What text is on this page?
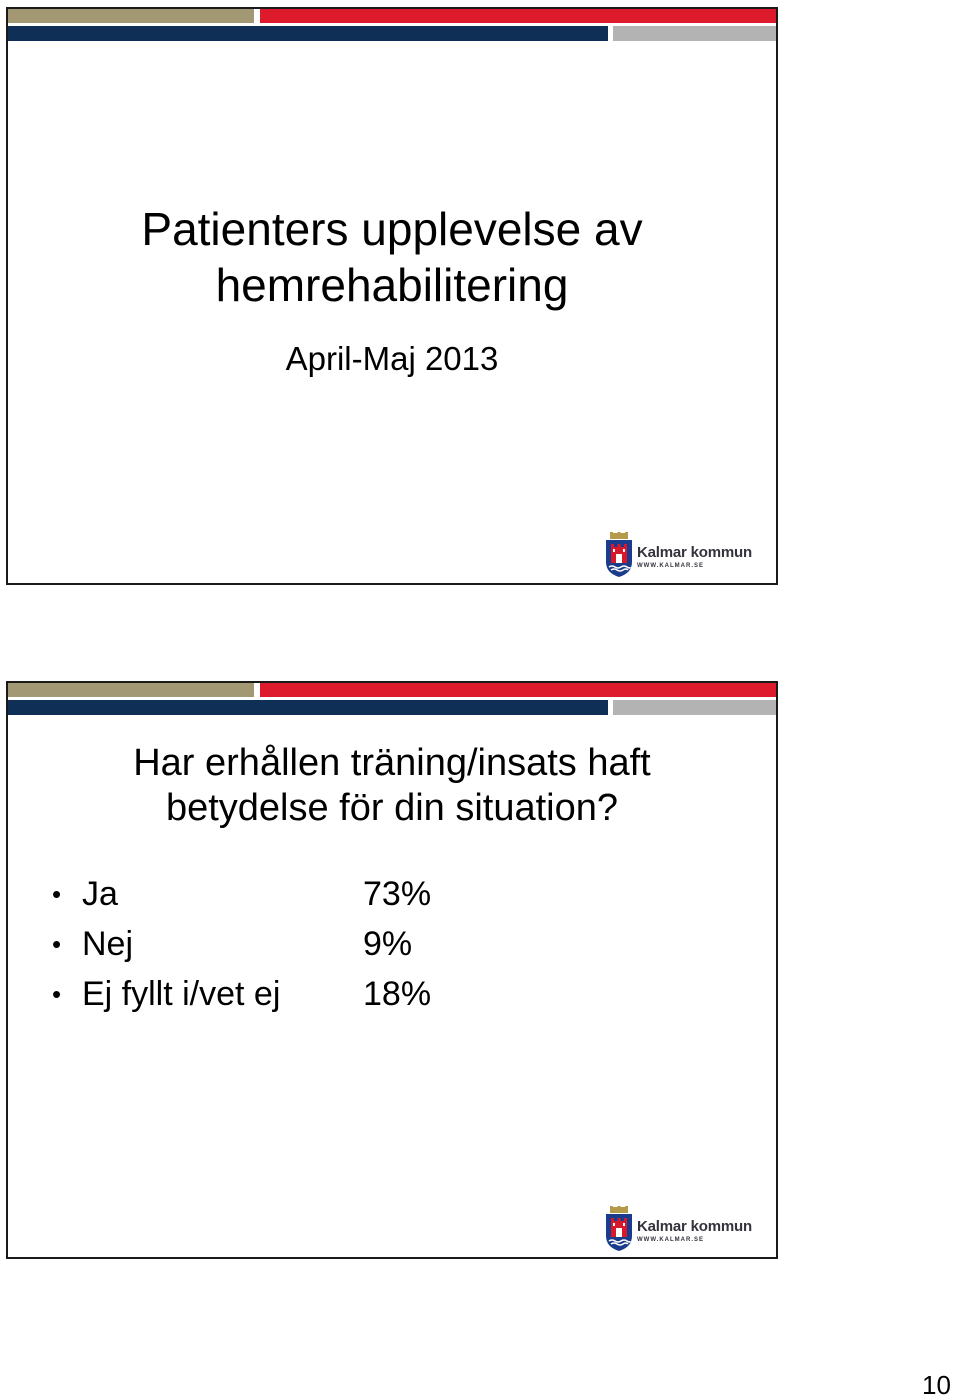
Patienters upplevelse av
hemrehabilitering
April-Maj 2013
Kalmar kommun
WWW.KALMAR.SE
Har erhållen träning/insats haft
betydelse för din situation?
• Ja	73%
• Nej	9%
• Ej fyllt i/vet ej 18%
Kalmar kommun
WWW.KALMAR.SE
10
